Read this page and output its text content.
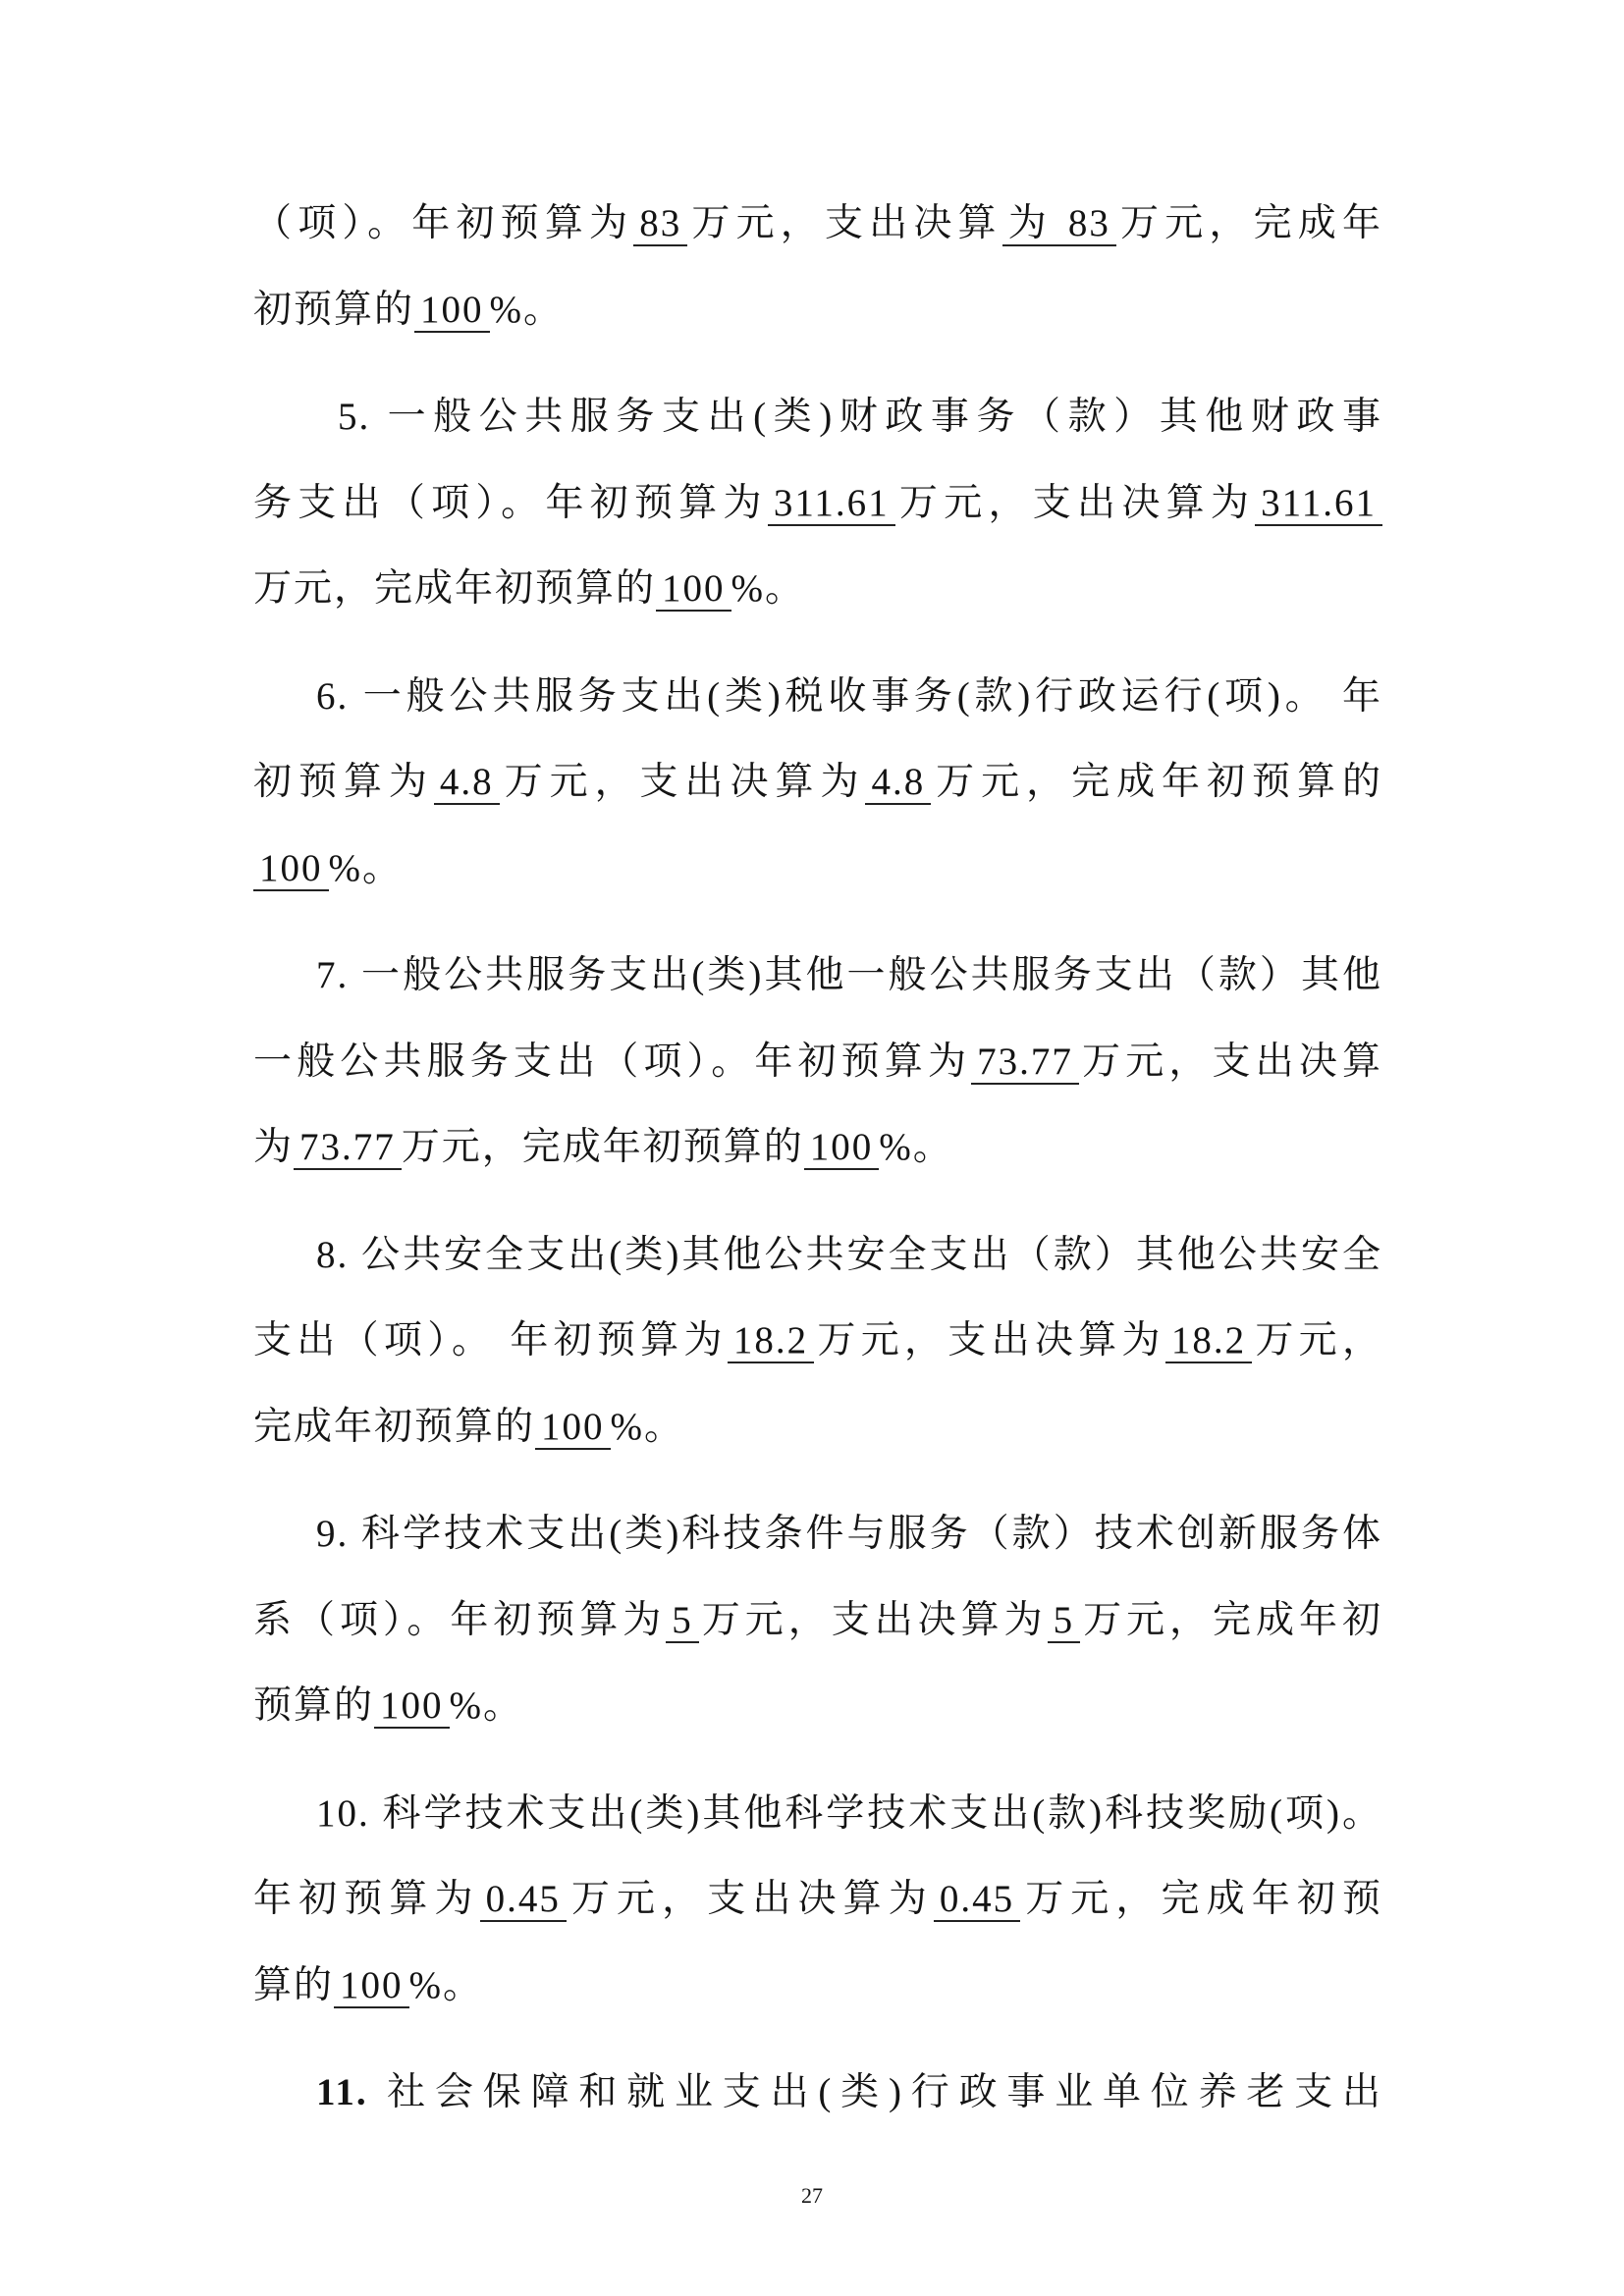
（项）。年初预算为 83 万元，支出决算 为 83 万元，完成年
初预算的 100 %。
5. 一般公共服务支出(类)财政事务（款）其他财政事
务支出（项）。年初预算为 311.61 万元，支出决算为 311.61
万元，完成年初预算的 100 %。
6. 一般公共服务支出(类)税收事务(款)行政运行(项)。 年
初预算为 4.8 万元，支出决算为 4.8 万元，完成年初预算的
100 %。
7. 一般公共服务支出(类)其他一般公共服务支出（款）其他
一般公共服务支出（项）。年初预算为 73.77 万元，支出决算
为 73.77 万元，完成年初预算的 100 %。
8. 公共安全支出(类)其他公共安全支出（款）其他公共安全
支出（项）。 年初预算为 18.2 万元，支出决算为 18.2 万元，
完成年初预算的 100 %。
9. 科学技术支出(类)科技条件与服务（款）技术创新服务体
系（项）。年初预算为 5 万元，支出决算为 5 万元，完成年初
预算的 100 %。
10. 科学技术支出(类)其他科学技术支出(款)科技奖励(项)。
年初预算为 0.45 万元，支出决算为 0.45 万元，完成年初预
算的 100 %。
11. 社会保障和就业支出(类)行政事业单位养老支出
27
